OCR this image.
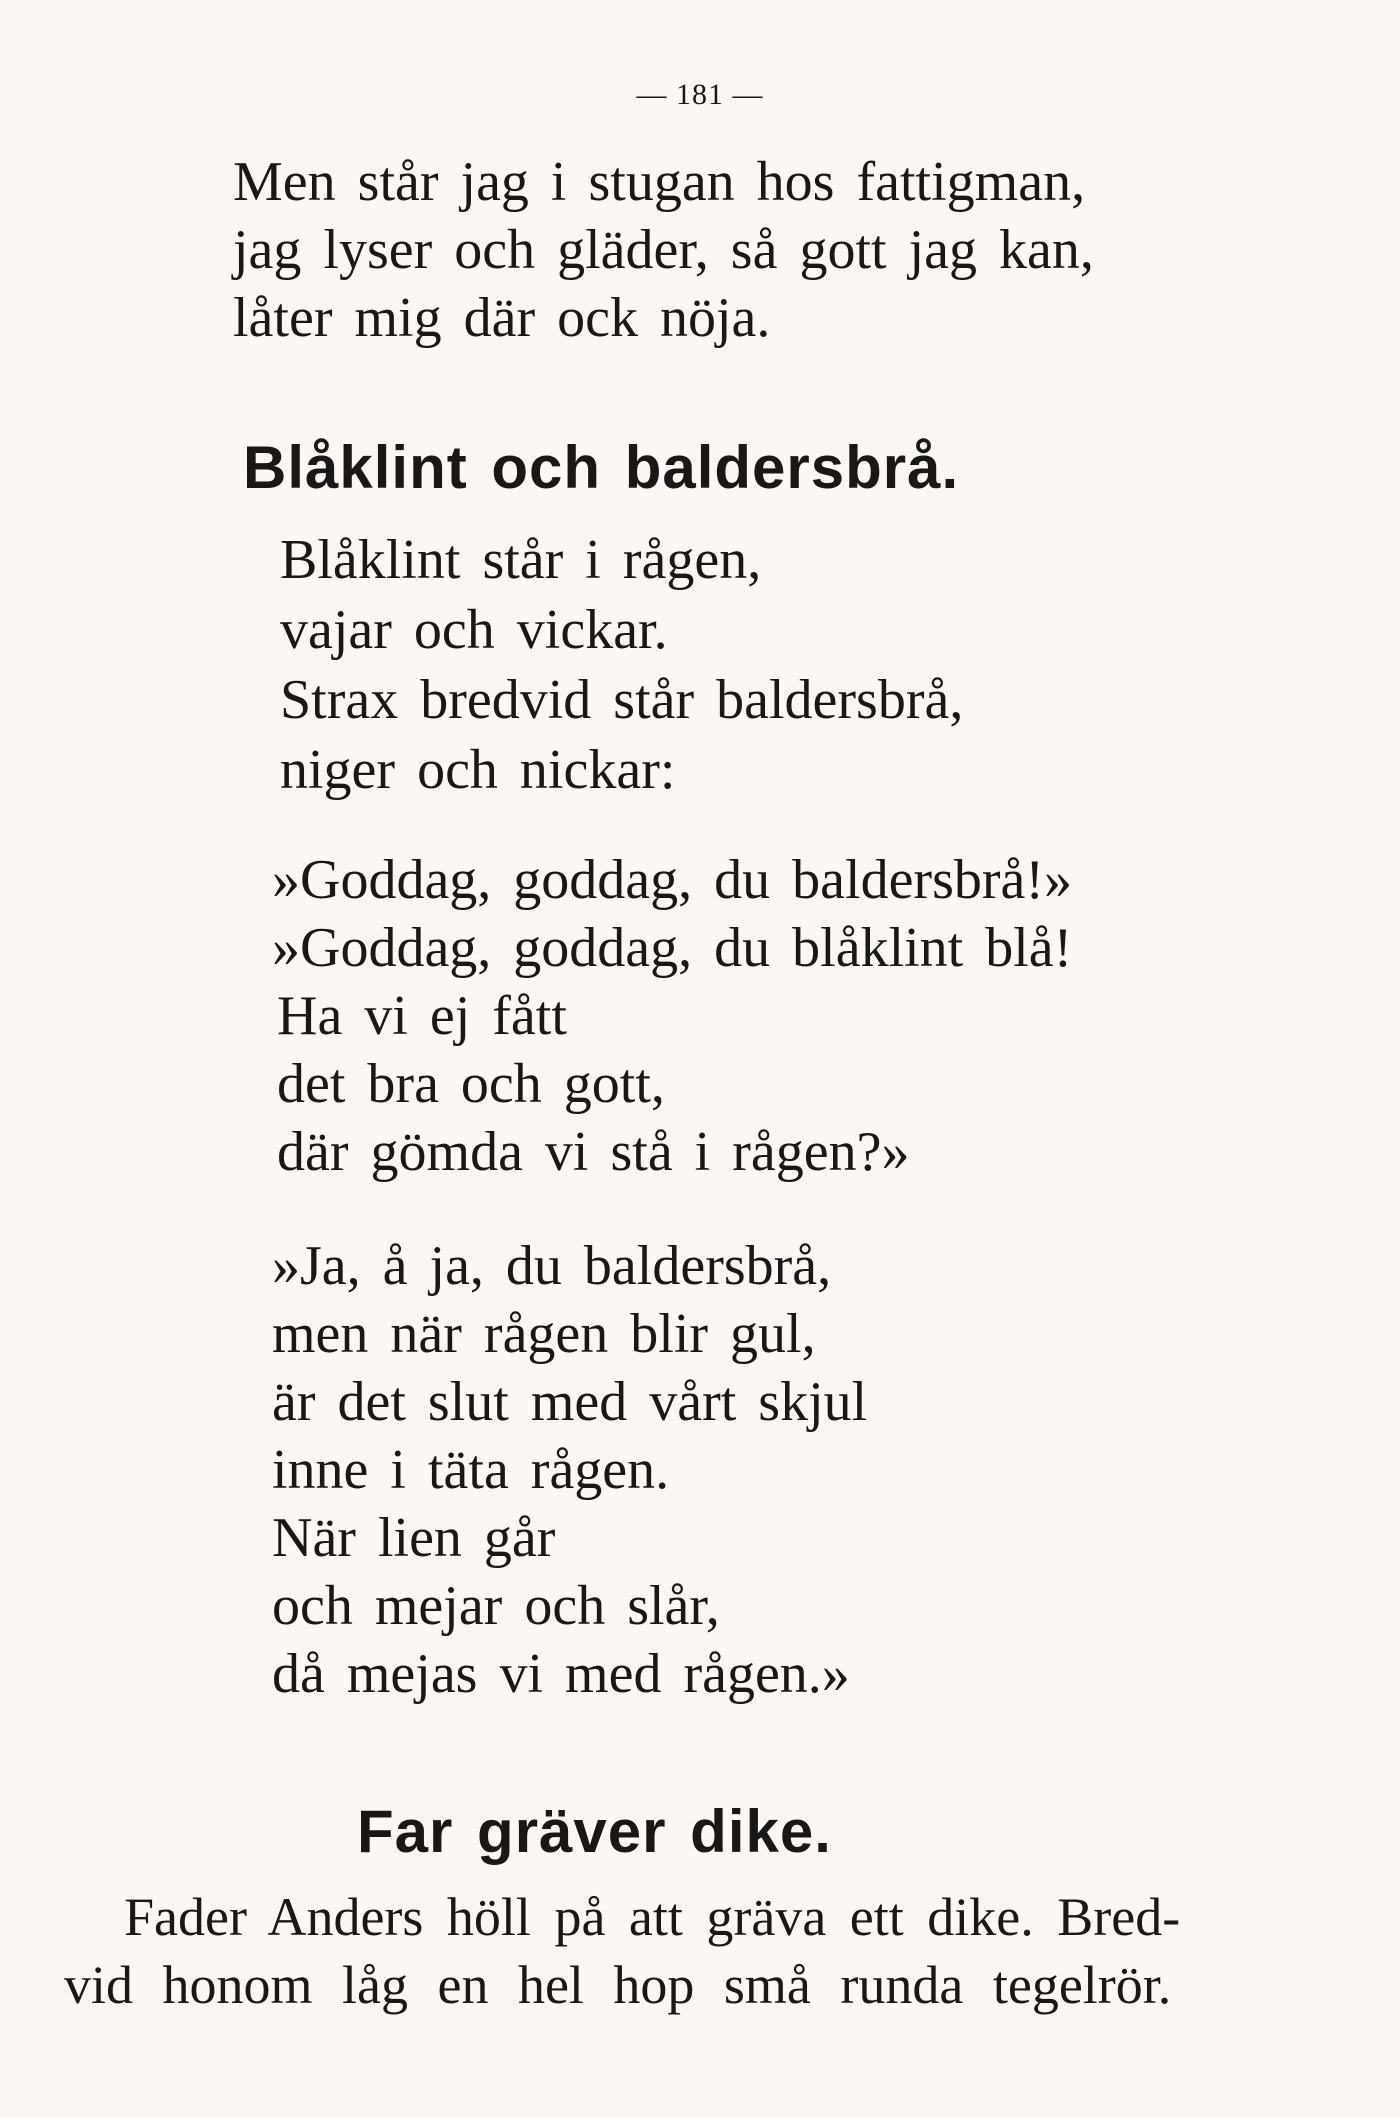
— 181 —
Men står jag i stugan hos fattigman,
jag lyser och gläder, så gott jag kan,
låter mig där ock nöja.
Blåklint och baldersbrå.
Blåklint står i rågen,
vajar och vickar.
Strax bredvid står baldersbrå,
niger och nickar:
»Goddag, goddag, du baldersbrå!»
»Goddag, goddag, du blåklint blå!
Ha vi ej fått
det bra och gott,
där gömda vi stå i rågen?»
»Ja, å ja, du baldersbrå,
men när rågen blir gul,
är det slut med vårt skjul
inne i täta rågen.
När lien går
och mejar och slår,
då mejas vi med rågen.»
Far gräver dike.
Fader Anders höll på att gräva ett dike. Bred-
vid honom låg en hel hop små runda tegelrör.
